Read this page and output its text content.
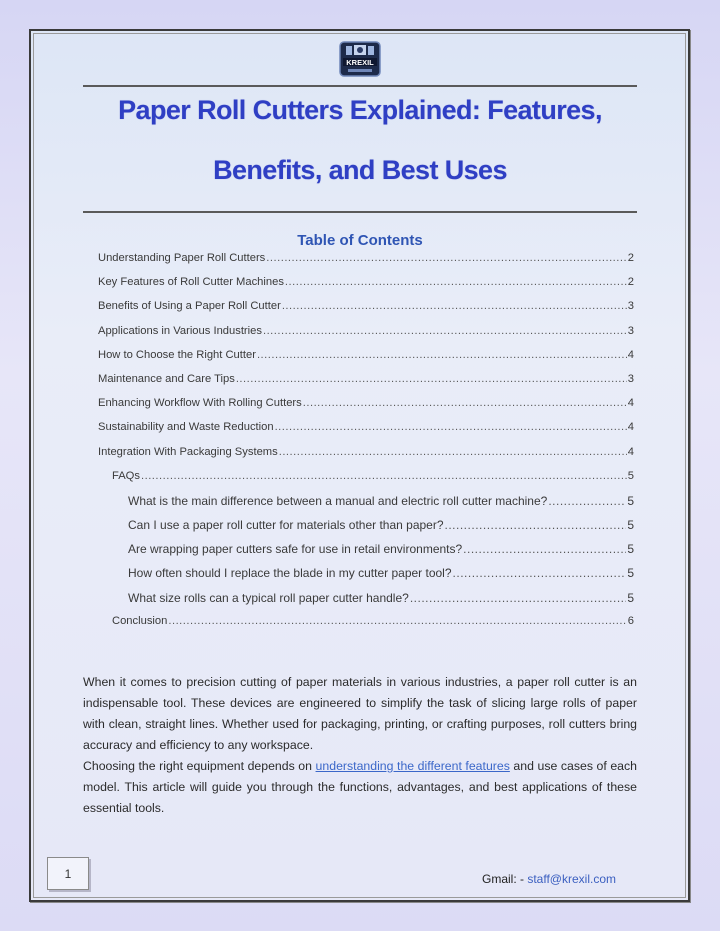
KREXIL
Paper Roll Cutters Explained: Features,
Benefits, and Best Uses
Table of Contents
Understanding Paper Roll Cutters .....	2
Key Features of Roll Cutter Machines .....	2
Benefits of Using a Paper Roll Cutter .....	3
Applications in Various Industries .....	3
How to Choose the Right Cutter .....	4
Maintenance and Care Tips .....	3
Enhancing Workflow With Rolling Cutters .....	4
Sustainability and Waste Reduction .....	4
Integration With Packaging Systems .....	4
FAQs .....	5
What is the main difference between a manual and electric roll cutter machine? .....	5
Can I use a paper roll cutter for materials other than paper? .....	5
Are wrapping paper cutters safe for use in retail environments? .....	5
How often should I replace the blade in my cutter paper tool? .....	5
What size rolls can a typical roll paper cutter handle? .....	5
Conclusion .....	6

When it comes to precision cutting of paper materials in various industries, a paper roll cutter is an indispensable tool. These devices are engineered to simplify the task of slicing large rolls of paper with clean, straight lines. Whether used for packaging, printing, or crafting purposes, roll cutters bring accuracy and efficiency to any workspace.

Choosing the right equipment depends on understanding the different features and use cases of each model. This article will guide you through the functions, advantages, and best applications of these essential tools.

1	Gmail: - staff@krexil.com
